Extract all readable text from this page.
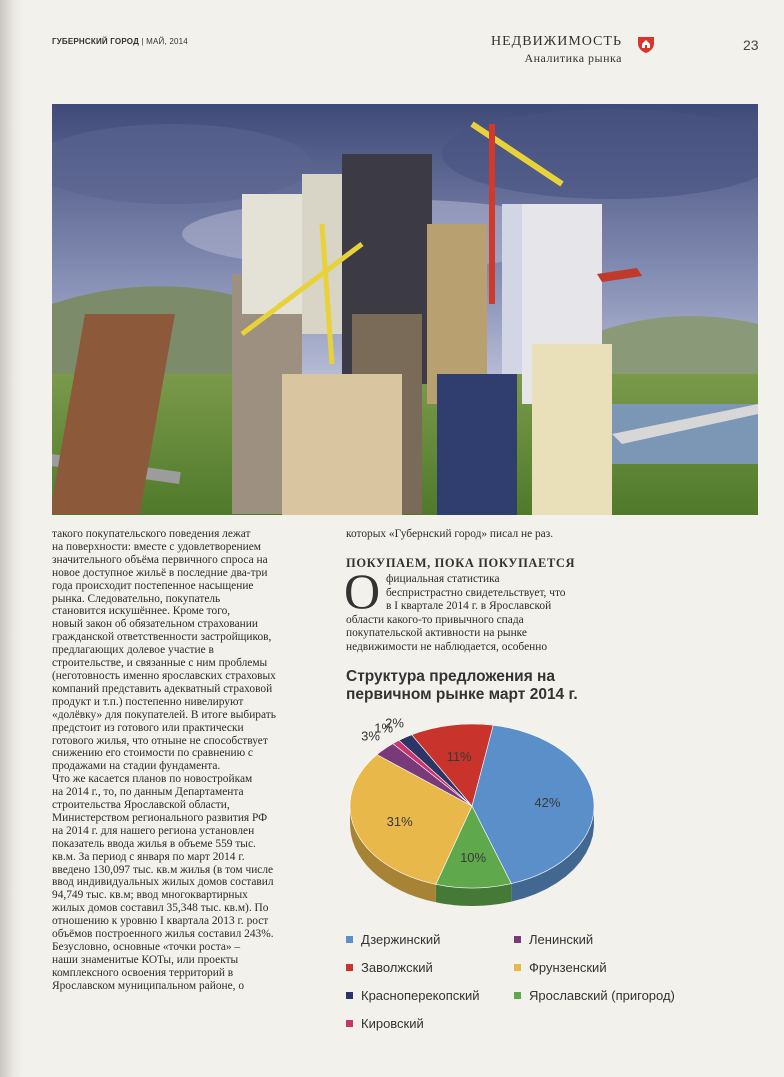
ГУБЕРНСКИЙ ГОРОД | МАЙ, 2014	НЕДВИЖИМОСТЬ
Аналитика рынка
23

такого покупательского поведения лежат

на поверхности: вместе с удовлетворением

значительного объёма первичного спроса на

новое доступное жильё в последние два-три

года происходит постепенное насыщение

рынка. Следовательно, покупатель

становится искушённее. Кроме того,

новый закон об обязательном страховании

гражданской ответственности застройщиков,

предлагающих долевое участие в

строительстве, и связанные с ним проблемы

(неготовность именно ярославских страховых

компаний представить адекватный страховой

продукт и т.п.) постепенно нивелируют

«долёвку» для покупателей. В итоге выбирать

предстоит из готового или практически

готового жилья, что отныне не способствует

снижению его стоимости по сравнению с

продажами на стадии фундамента.

Что же касается планов по новостройкам

на 2014 г., то, по данным Департамента

строительства Ярославской области,

Министерством регионального развития РФ

на 2014 г. для нашего региона установлен

показатель ввода жилья в объеме 559 тыс.

кв.м. За период с января по март 2014 г.

введено 130,097 тыс. кв.м жилья (в том числе

ввод индивидуальных жилых домов составил

94,749 тыс. кв.м; ввод многоквартирных

жилых домов составил 35,348 тыс. кв.м). По

отношению к уровню I квартала 2013 г. рост

объёмов построенного жилья составил 243%.

Безусловно, основные «точки роста» –

наши знаменитые КОТы, или проекты

комплексного освоения территорий в

Ярославском муниципальном районе, о

которых «Губернский город» писал не раз.
ПОКУПАЕМ, ПОКА ПОКУПАЕТСЯ
О фициальная статистика
беспристрастно свидетельствует, что
в I квартале 2014 г. в Ярославской
области какого-то привычного спада
покупательской активности на рынке
недвижимости не наблюдается, особенно
Структура предложения на
первичном рынке март 2014 г.
42%
10%
31%
3%
1%
2%
11%
Дзержинский	Ленинский
Заволжский	Фрунзенский
Красноперекопский	Ярославский (пригород)
Кировский
